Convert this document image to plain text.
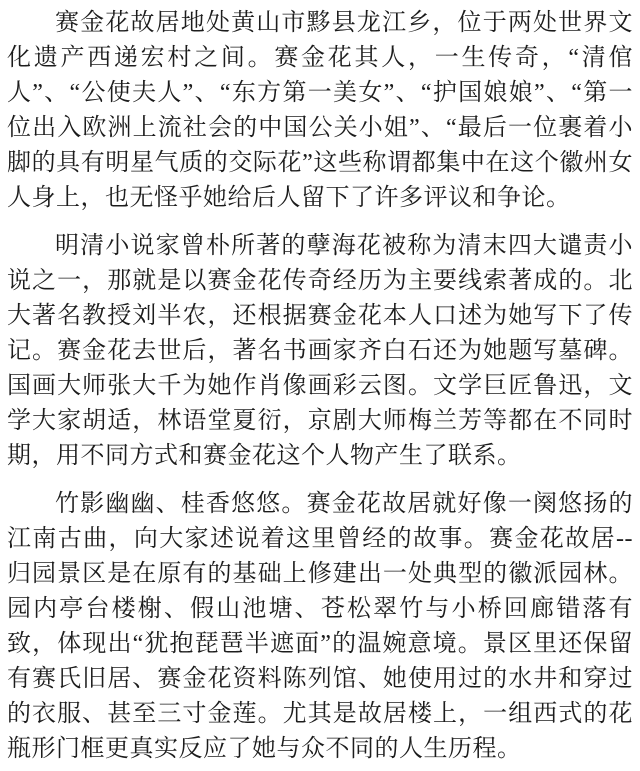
赛金花故居地处黄山市黟县龙江乡，位于两处世界文化遗产西递宏村之间。赛金花其人，一生传奇，“清倌人”、“公使夫人”、“东方第一美女”、“护国娘娘”、“第一位出入欧洲上流社会的中国公关小姐”、“最后一位裹着小脚的具有明星气质的交际花”这些称谓都集中在这个徽州女人身上，也无怪乎她给后人留下了许多评议和争论。

明清小说家曾朴所著的孽海花被称为清末四大谴责小说之一，那就是以赛金花传奇经历为主要线索著成的。北大著名教授刘半农，还根据赛金花本人口述为她写下了传记。赛金花去世后，著名书画家齐白石还为她题写墓碑。国画大师张大千为她作肖像画彩云图。文学巨匠鲁迅，文学大家胡适，林语堂夏衍，京剧大师梅兰芳等都在不同时期，用不同方式和赛金花这个人物产生了联系。

竹影幽幽、桂香悠悠。赛金花故居就好像一阕悠扬的江南古曲，向大家述说着这里曾经的故事。赛金花故居--归园景区是在原有的基础上修建出一处典型的徽派园林。园内亭台楼榭、假山池塘、苍松翠竹与小桥回廊错落有致，体现出“犹抱琵琶半遮面”的温婉意境。景区里还保留有赛氏旧居、赛金花资料陈列馆、她使用过的水井和穿过的衣服、甚至三寸金莲。尤其是故居楼上，一组西式的花瓶形门框更真实反应了她与众不同的人生历程。
